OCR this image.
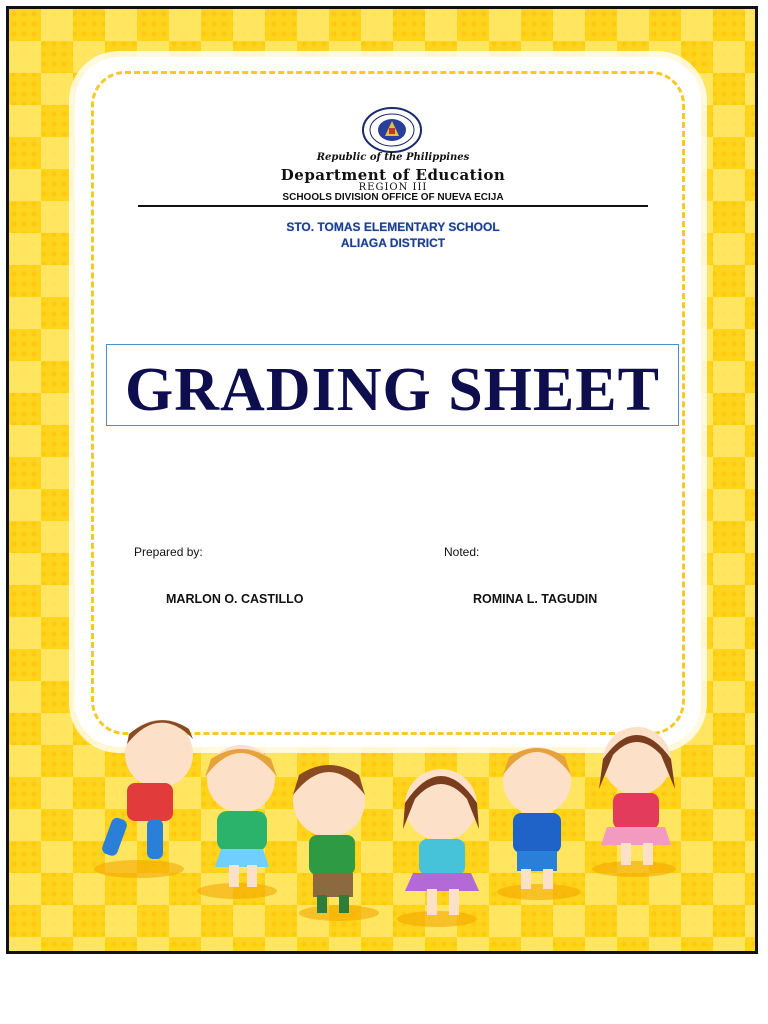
Republic of the Philippines
Department of Education
REGION III
SCHOOLS DIVISION OFFICE OF NUEVA ECIJA
STO. TOMAS ELEMENTARY SCHOOL
ALIAGA DISTRICT
GRADING SHEET
Prepared by:	Noted:
MARLON O. CASTILLO	ROMINA L. TAGUDIN
